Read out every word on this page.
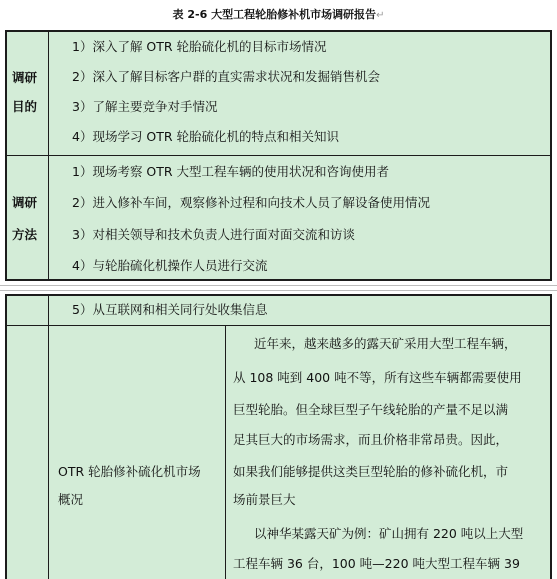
表 2-6 大型工程轮胎修补机市场调研报告↵
调研
目的
1）深入了解 OTR 轮胎硫化机的目标市场情况
2）深入了解目标客户群的直实需求状况和发掘销售机会
3）了解主要竞争对手情况
4）现场学习 OTR 轮胎硫化机的特点和相关知识
调研
方法
1）现场考察 OTR 大型工程车辆的使用状况和咨询使用者
2）进入修补车间，观察修补过程和向技术人员了解设备使用情况
3）对相关领导和技术负责人进行面对面交流和访谈
4）与轮胎硫化机操作人员进行交流
5）从互联网和相关同行处收集信息
OTR 轮胎修补硫化机市场
概况
近年来，越来越多的露天矿采用大型工程车辆，
从 108 吨到 400 吨不等，所有这些车辆都需要使用
巨型轮胎。但全球巨型子午线轮胎的产量不足以满
足其巨大的市场需求，而且价格非常昂贵。因此，
如果我们能够提供这类巨型轮胎的修补硫化机，市
场前景巨大
以神华某露天矿为例：矿山拥有 220 吨以上大型
工程车辆 36 台，100 吨—220 吨大型工程车辆 39
